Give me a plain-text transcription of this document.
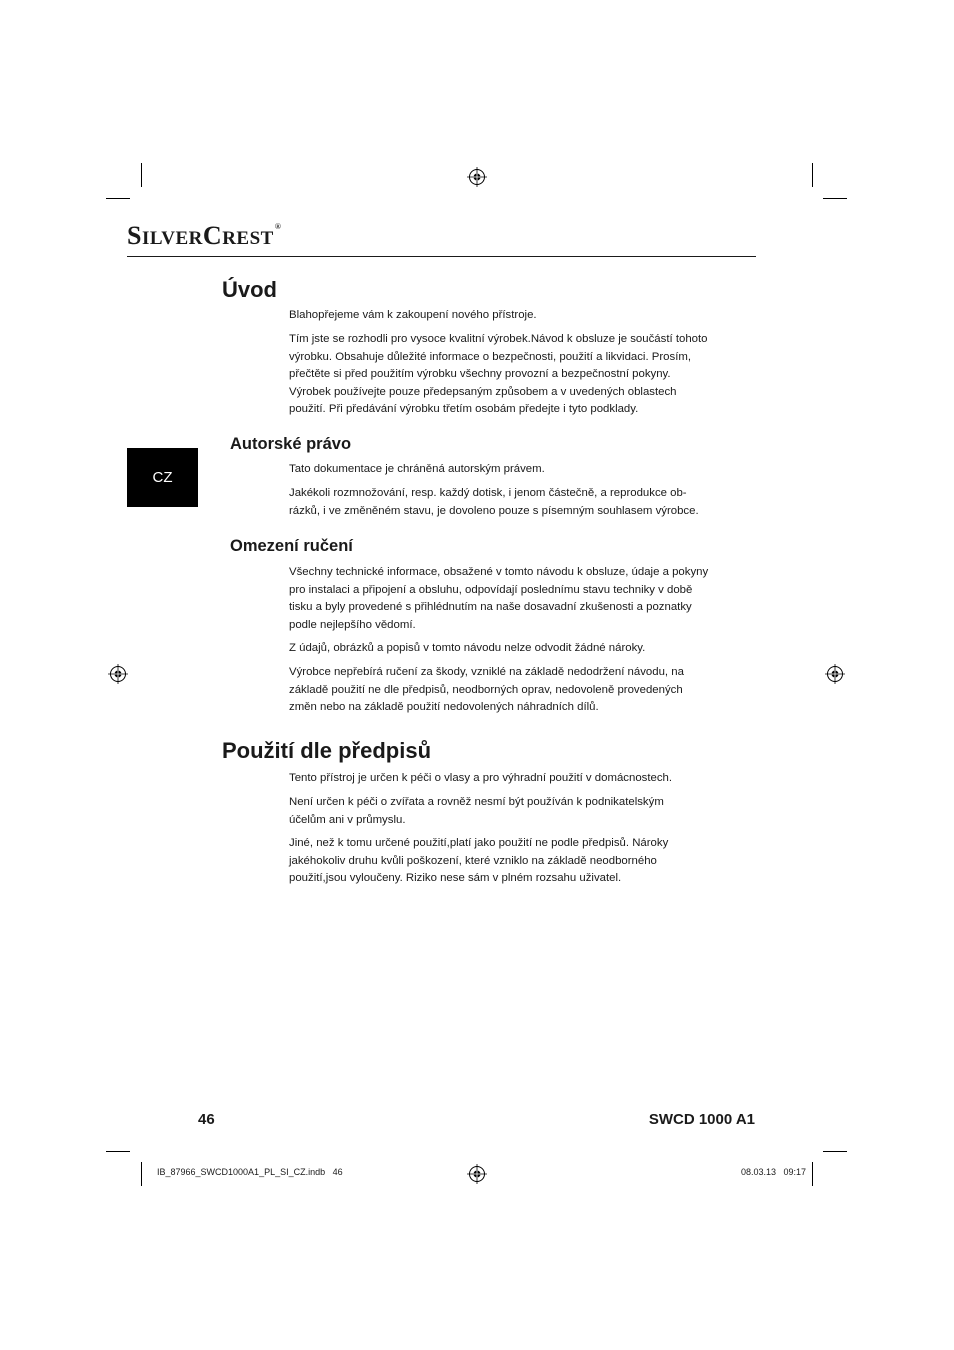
SILVERCREST®
CZ
Úvod

Blahopřejeme vám k zakoupení nového přístroje.

Tím jste se rozhodli pro vysoce kvalitní výrobek.Návod k obsluze je součástí tohoto
výrobku. Obsahuje důležité informace o bezpečnosti, použití a likvidaci. Prosím,
přečtěte si před použitím výrobku všechny provozní a bezpečnostní pokyny.
Výrobek používejte pouze předepsaným způsobem a v uvedených oblastech
použití. Při předávání výrobku třetím osobám předejte i tyto podklady.

Autorské právo

Tato dokumentace je chráněná autorským právem.

Jakékoli rozmnožování, resp. každý dotisk, i jenom částečně, a reprodukce ob-
rázků, i ve změněném stavu, je dovoleno pouze s písemným souhlasem výrobce.

Omezení ručení

Všechny technické informace, obsažené v tomto návodu k obsluze, údaje a pokyny
pro instalaci a připojení a obsluhu, odpovídají poslednímu stavu techniky v době
tisku a byly provedené s přihlédnutím na naše dosavadní zkušenosti a poznatky
podle nejlepšího vědomí.

Z údajů, obrázků a popisů v tomto návodu nelze odvodit žádné nároky.

Výrobce nepřebírá ručení za škody, vzniklé na základě nedodržení návodu, na
základě použití ne dle předpisů, neodborných oprav, nedovoleně provedených
změn nebo na základě použití nedovolených náhradních dílů.

Použití dle předpisů

Tento přístroj je určen k péči o vlasy a pro výhradní použití v domácnostech.

Není určen k péči o zvířata a rovněž nesmí být používán k podnikatelským
účelům ani v průmyslu.

Jiné, než k tomu určené použití,platí jako použití ne podle předpisů. Nároky
jakéhokoliv druhu kvůli poškození, které vzniklo na základě neodborného
použití,jsou vyloučeny. Riziko nese sám v plném rozsahu uživatel.

46	SWCD 1000 A1
IB_87966_SWCD1000A1_PL_SI_CZ.indb   46	08.03.13   09:17
